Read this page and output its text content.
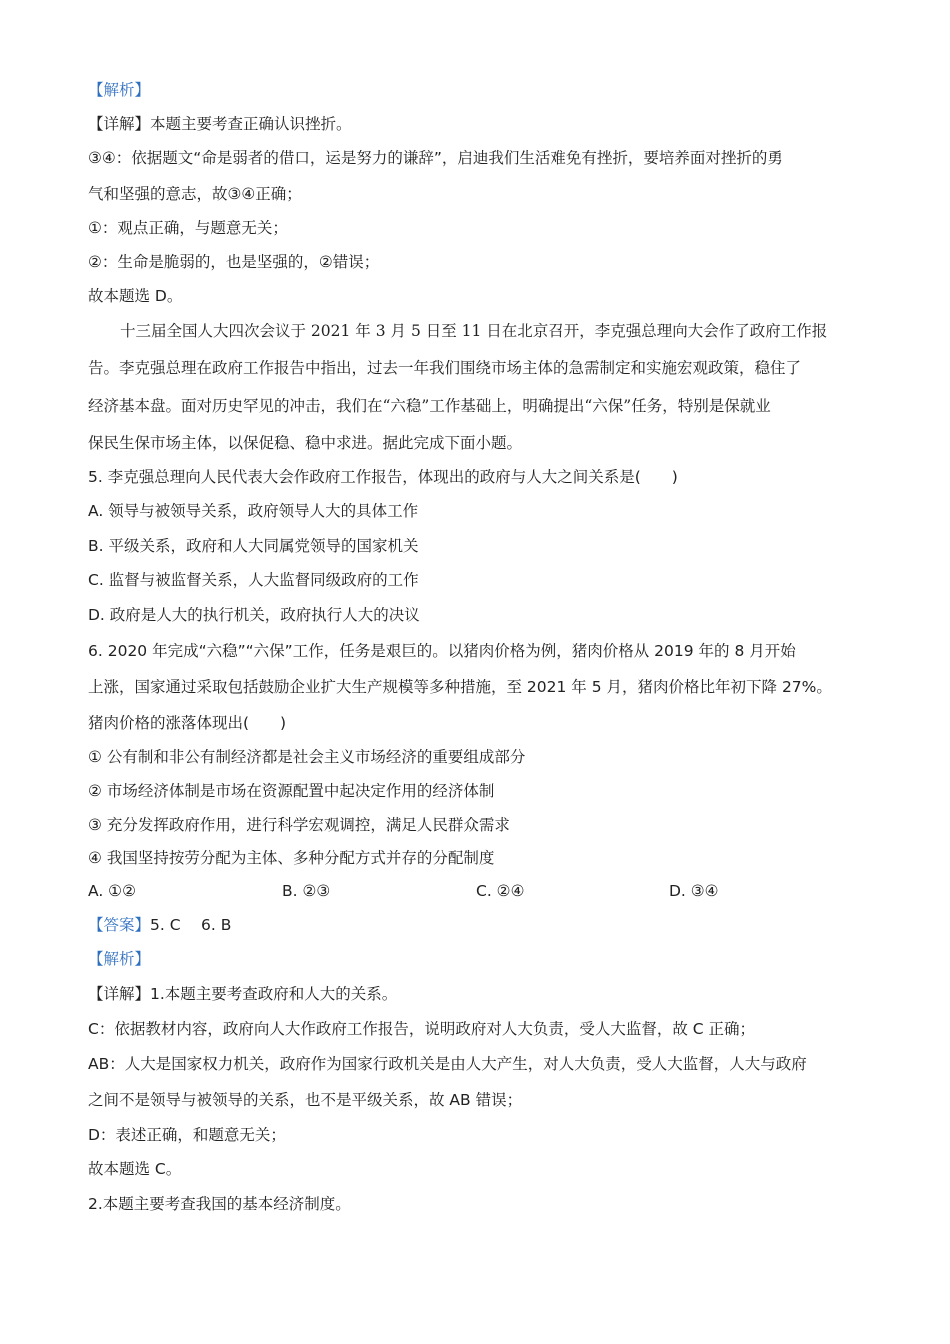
【解析】
【详解】本题主要考查正确认识挫折。
③④：依据题文“命是弱者的借口，运是努力的谦辞”，启迪我们生活难免有挫折，要培养面对挫折的勇
气和坚强的意志，故③④正确；
①：观点正确，与题意无关；
②：生命是脆弱的，也是坚强的，②错误；
故本题选 D。
十三届全国人大四次会议于 2021 年 3 月 5 日至 11 日在北京召开，李克强总理向大会作了政府工作报
告。李克强总理在政府工作报告中指出，过去一年我们围绕市场主体的急需制定和实施宏观政策，稳住了
经济基本盘。面对历史罕见的冲击，我们在“六稳”工作基础上，明确提出“六保”任务，特别是保就业
保民生保市场主体，以保促稳、稳中求进。据此完成下面小题。
5. 李克强总理向人民代表大会作政府工作报告，体现出的政府与人大之间关系是(　　)
A. 领导与被领导关系，政府领导人大的具体工作
B. 平级关系，政府和人大同属党领导的国家机关
C. 监督与被监督关系，人大监督同级政府的工作
D. 政府是人大的执行机关，政府执行人大的决议
6. 2020 年完成“六稳”“六保”工作，任务是艰巨的。以猪肉价格为例，猪肉价格从 2019 年的 8 月开始
上涨，国家通过采取包括鼓励企业扩大生产规模等多种措施，至 2021 年 5 月，猪肉价格比年初下降 27%。
猪肉价格的涨落体现出(　　)
① 公有制和非公有制经济都是社会主义市场经济的重要组成部分
② 市场经济体制是市场在资源配置中起决定作用的经济体制
③ 充分发挥政府作用，进行科学宏观调控，满足人民群众需求
④ 我国坚持按劳分配为主体、多种分配方式并存的分配制度
A. ①②	B. ②③	C. ②④	D. ③④
【答案】5. C　 6. B
【解析】
【详解】1.本题主要考查政府和人大的关系。
C：依据教材内容，政府向人大作政府工作报告，说明政府对人大负责，受人大监督，故 C 正确；
AB：人大是国家权力机关，政府作为国家行政机关是由人大产生，对人大负责，受人大监督，人大与政府
之间不是领导与被领导的关系，也不是平级关系，故 AB 错误；
D：表述正确，和题意无关；
故本题选 C。
2.本题主要考查我国的基本经济制度。
